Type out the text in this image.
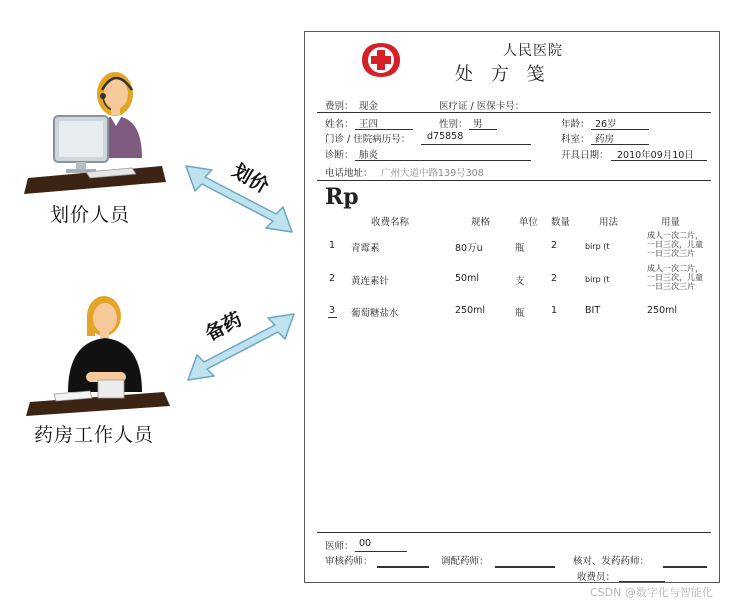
划价人员
药房工作人员
划价
备药
人民医院
处 方 笺
费别： 现金	医疗证 / 医保卡号：
姓名： 王四	性别： 男	年龄： 26岁
门诊 / 住院病历号： d75858	科室： 药房
诊断： 肺炎	开具日期： 2010年09月10日
电话地址： 广州大道中路139号308
Rp
收费名称	规格	单位 数量	用法	用量
1 青霉素	80万u	瓶	2	birp (t
成人一次二片，
一日三次，儿童
一日三次三片
2 黄连素针	50ml	支	2	birp (t
成人一次二片，
一日三次，儿童
一日三次三片
3 葡萄糖盐水	250ml	瓶	1	BIT	250ml
医师： 00
审核药师：	调配药师：	核对、发药药师：
收费员：
CSDN @数字化与智能化
